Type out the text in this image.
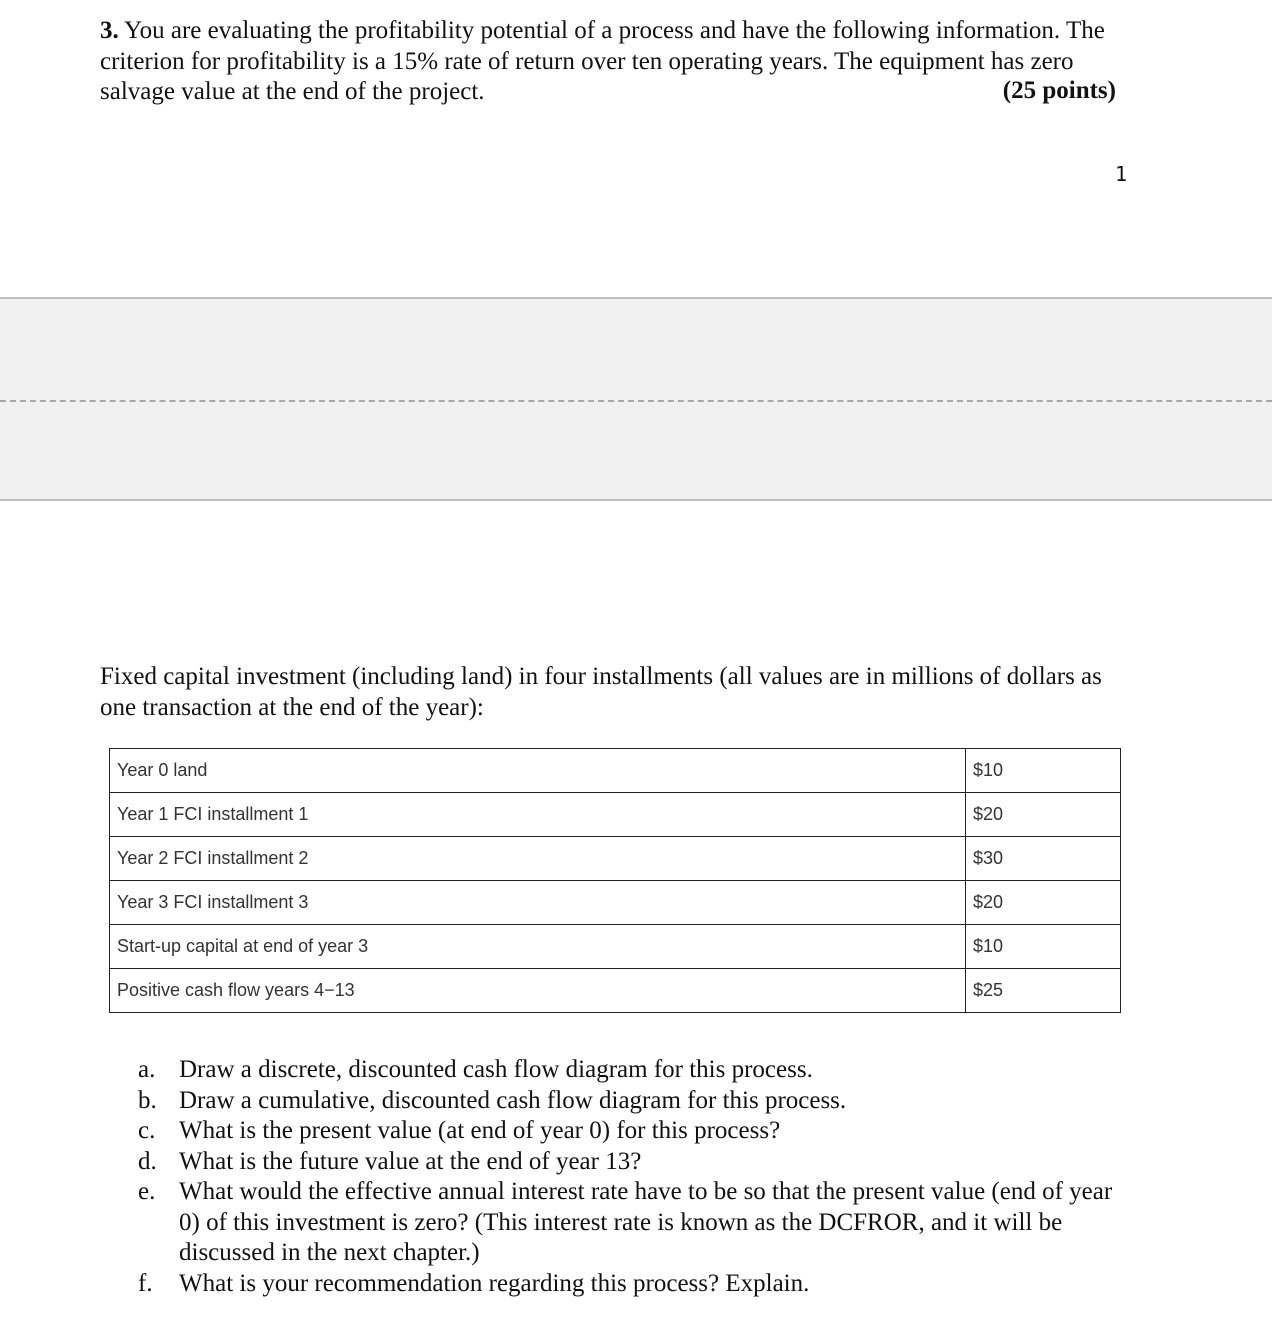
3. You are evaluating the profitability potential of a process and have the following information. The criterion for profitability is a 15% rate of return over ten operating years. The equipment has zero salvage value at the end of the project.	(25 points)
1
Fixed capital investment (including land) in four installments (all values are in millions of dollars as one transaction at the end of the year):
Year 0 land	$10
Year 1 FCI installment 1	$20
Year 2 FCI installment 2	$30
Year 3 FCI installment 3	$20
Start-up capital at end of year 3	$10
Positive cash flow years 4−13	$25
a. Draw a discrete, discounted cash flow diagram for this process.
b. Draw a cumulative, discounted cash flow diagram for this process.
c. What is the present value (at end of year 0) for this process?
d. What is the future value at the end of year 13?
e. What would the effective annual interest rate have to be so that the present value (end of year 0) of this investment is zero? (This interest rate is known as the DCFROR, and it will be discussed in the next chapter.)
f.	What is your recommendation regarding this process? Explain.
